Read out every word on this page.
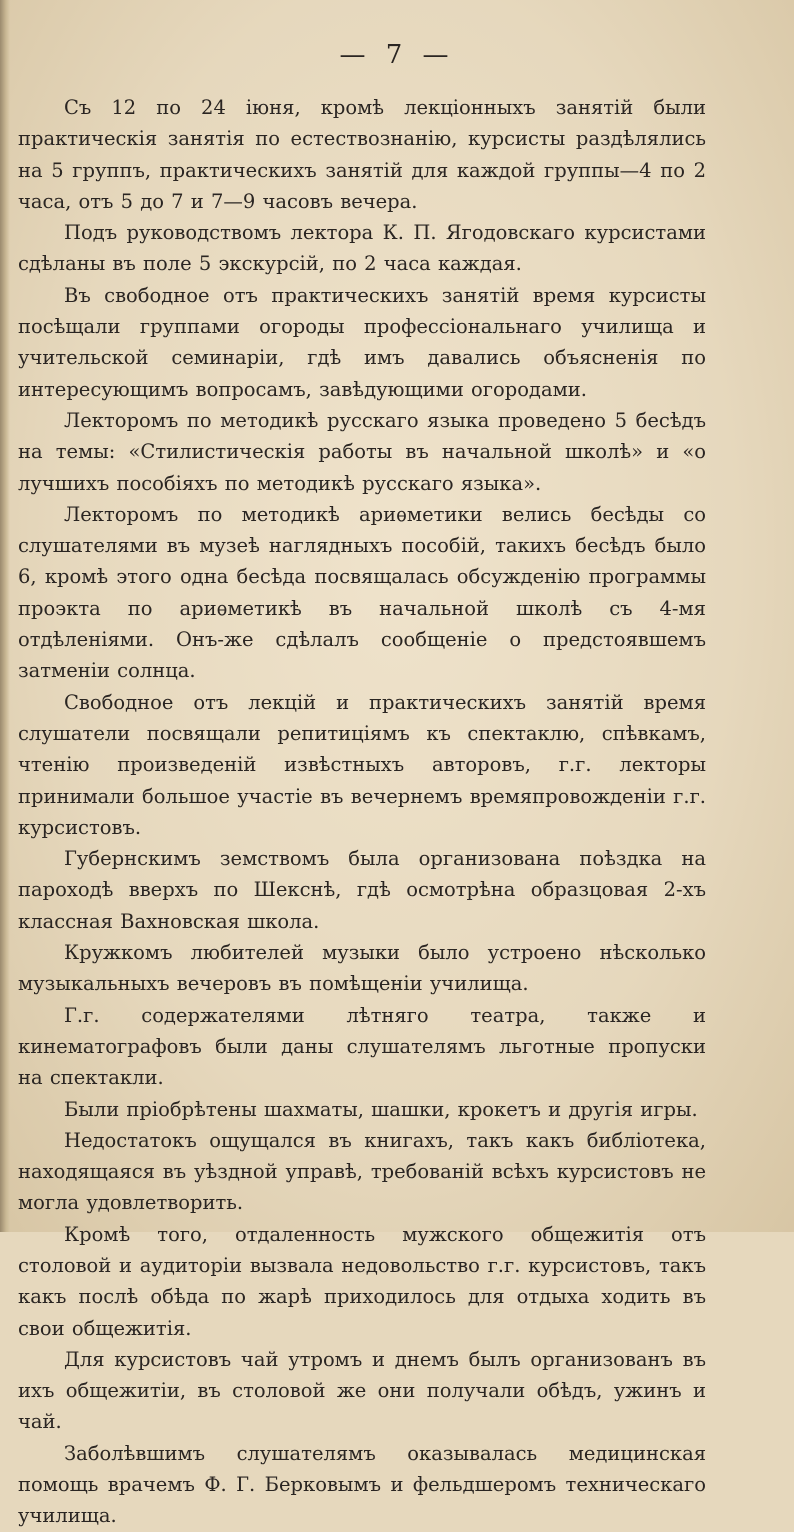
— 7 —

Съ 12 по 24 іюня, кромѣ лекціонныхъ занятій были практическія занятія по естествознанію, курсисты раздѣлялись на 5 группъ, практическихъ занятій для каждой группы—4 по 2 часа, отъ 5 до 7 и 7—9 часовъ вечера.

Подъ руководствомъ лектора К. П. Ягодовскаго курсистами сдѣланы въ поле 5 экскурсій, по 2 часа каждая.

Въ свободное отъ практическихъ занятій время курсисты посѣщали группами огороды профессіональнаго училища и учительской семинаріи, гдѣ имъ давались объясненія по интересующимъ вопросамъ, завѣдующими огородами.

Лекторомъ по методикѣ русскаго языка проведено 5 бесѣдъ на темы: «Стилистическія работы въ начальной школѣ» и «о лучшихъ пособіяхъ по методикѣ русскаго языка».

Лекторомъ по методикѣ ариѳметики велись бесѣды со слушателями въ музеѣ наглядныхъ пособій, такихъ бесѣдъ было 6, кромѣ этого одна бесѣда посвящалась обсужденію программы проэкта по ариѳметикѣ въ начальной школѣ съ 4-мя отдѣленіями. Онъ-же сдѣлалъ сообщеніе о предстоявшемъ затменіи солнца.

Свободное отъ лекцій и практическихъ занятій время слушатели посвящали репитиціямъ къ спектаклю, спѣвкамъ, чтенію произведеній извѣстныхъ авторовъ, г.г. лекторы принимали большое участіе въ вечернемъ времяпровожденіи г.г. курсистовъ.

Губернскимъ земствомъ была организована поѣздка на пароходѣ вверхъ по Шекснѣ, гдѣ осмотрѣна образцовая 2-хъ классная Вахновская школа.

Кружкомъ любителей музыки было устроено нѣсколько музыкальныхъ вечеровъ въ помѣщеніи училища.

Г.г. содержателями лѣтняго театра, также и кинематографовъ были даны слушателямъ льготные пропуски на спектакли.

Были пріобрѣтены шахматы, шашки, крокетъ и другія игры.

Недостатокъ ощущался въ книгахъ, такъ какъ библіотека, находящаяся въ уѣздной управѣ, требованій всѣхъ курсистовъ не могла удовлетворить.

Кромѣ того, отдаленность мужского общежитія отъ столовой и аудиторіи вызвала недовольство г.г. курсистовъ, такъ какъ послѣ обѣда по жарѣ приходилось для отдыха ходить въ свои общежитія.

Для курсистовъ чай утромъ и днемъ былъ организованъ въ ихъ общежитіи, въ столовой же они получали обѣдъ, ужинъ и чай.

Заболѣвшимъ слушателямъ оказывалась медицинская помощь врачемъ Ф. Г. Берковымъ и фельдшеромъ техническаго училища.
